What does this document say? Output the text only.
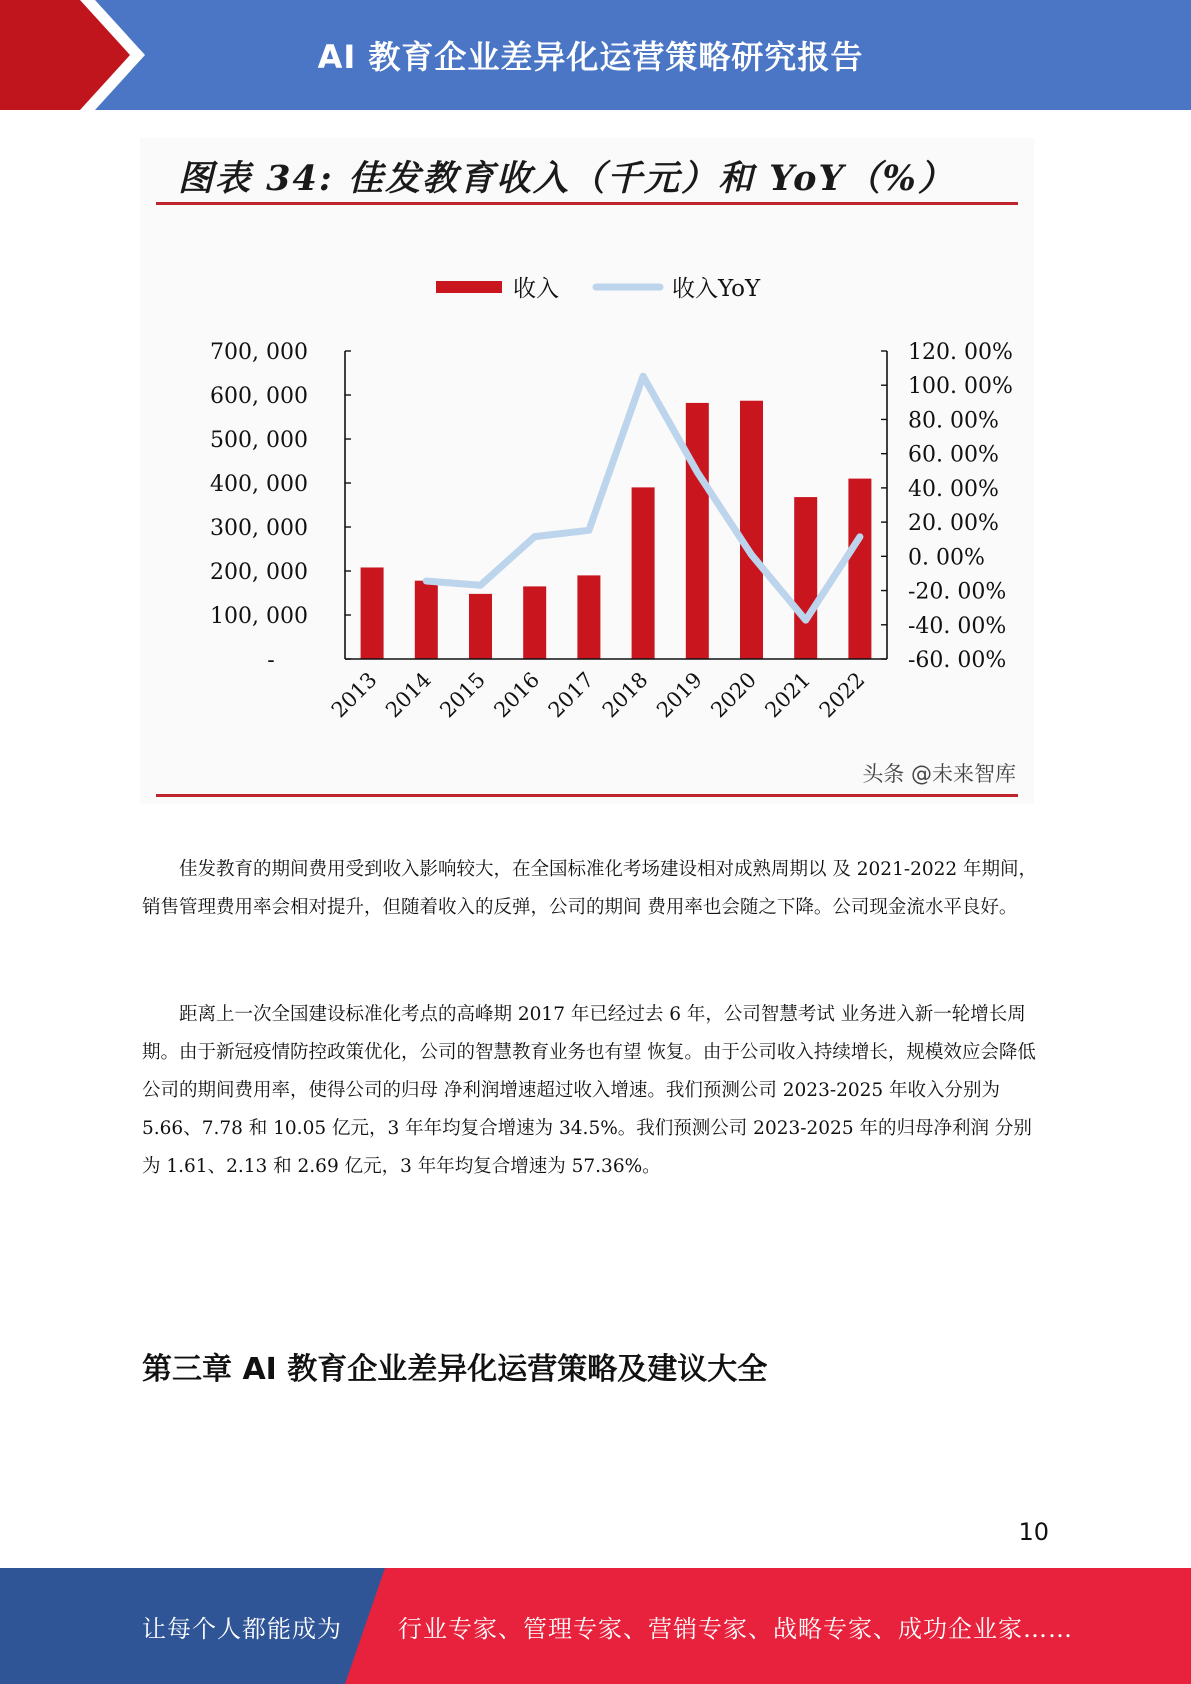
AI 教育企业差异化运营策略研究报告
图表 34: 佳发教育收入（千元）和 YoY（%）
-
100, 000
200, 000
300, 000
400, 000
500, 000
600, 000
700, 000
-60. 00%
-40. 00%
-20. 00%
0. 00%
20. 00%
40. 00%
60. 00%
80. 00%
100. 00%
120. 00%
2013 2014 2015 2016 2017 2018 2019 2020 2021 2022
收入	收入YoY
头条 @未来智库

佳发教育的期间费用受到收入影响较大，在全国标准化考场建设相对成熟周期以 及 2021-2022 年期间，销售管理费用率会相对提升，但随着收入的反弹，公司的期间 费用率也会随之下降。公司现金流水平良好。

距离上一次全国建设标准化考点的高峰期 2017 年已经过去 6 年，公司智慧考试 业务进入新一轮增长周期。由于新冠疫情防控政策优化，公司的智慧教育业务也有望 恢复。由于公司收入持续增长，规模效应会降低公司的期间费用率，使得公司的归母 净利润增速超过收入增速。我们预测公司 2023-2025 年收入分别为 5.66、7.78 和 10.05 亿元，3 年年均复合增速为 34.5%。我们预测公司 2023-2025 年的归母净利润 分别为 1.61、2.13 和 2.69 亿元，3 年年均复合增速为 57.36%。

第三章 AI 教育企业差异化运营策略及建议大全
10
让每个人都能成为 行业专家、管理专家、营销专家、战略专家、成功企业家……
